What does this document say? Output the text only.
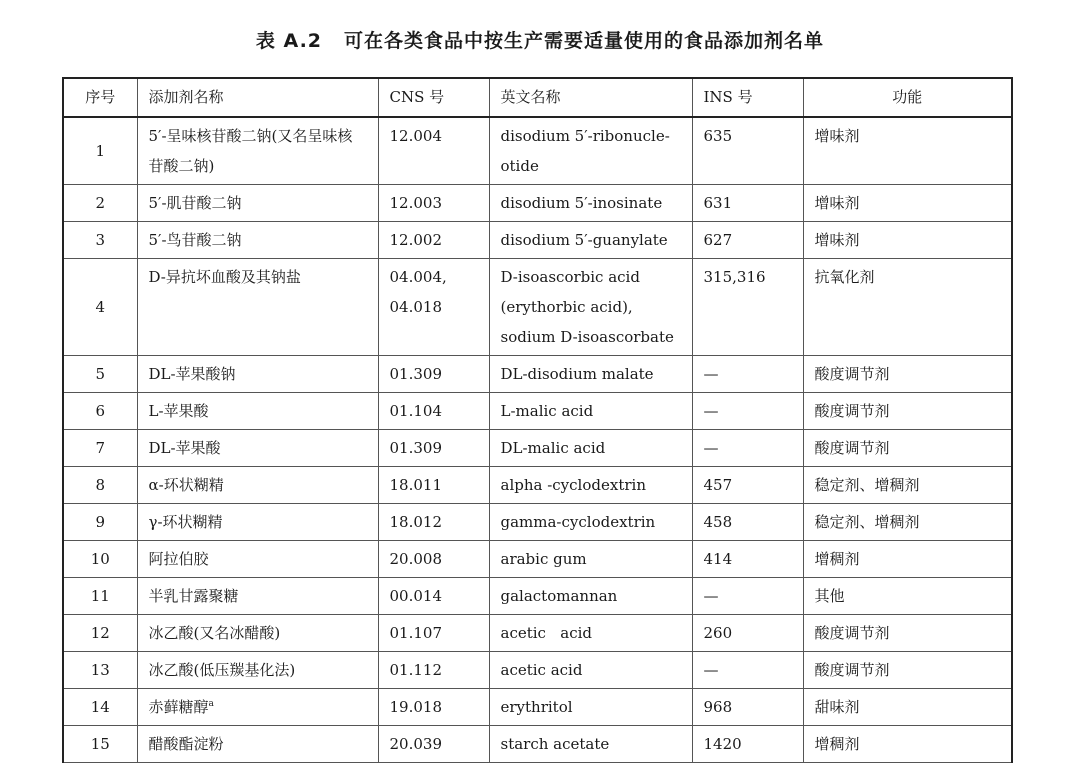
表 A.2 可在各类食品中按生产需要适量使用的食品添加剂名单
序号	添加剂名称	CNS 号	英文名称	INS 号	功能
1	5′-呈味核苷酸二钠(又名呈味核苷酸二钠)	12.004	disodium 5′-ribonucle-otide	635	增味剂
2	5′-肌苷酸二钠	12.003	disodium 5′-inosinate	631	增味剂
3	5′-鸟苷酸二钠	12.002	disodium 5′-guanylate	627	增味剂
4	D-异抗坏血酸及其钠盐	04.004, 04.018	D-isoascorbic acid (erythorbic acid), sodium D-isoascorbate	315,316	抗氧化剂
5	DL-苹果酸钠	01.309	DL-disodium malate	—	酸度调节剂
6	L-苹果酸	01.104	L-malic acid	—	酸度调节剂
7	DL-苹果酸	01.309	DL-malic acid	—	酸度调节剂
8	α-环状糊精	18.011	alpha -cyclodextrin	457	稳定剂、增稠剂
9	γ-环状糊精	18.012	gamma-cyclodextrin	458	稳定剂、增稠剂
10	阿拉伯胶	20.008	arabic gum	414	增稠剂
11	半乳甘露聚糖	00.014	galactomannan	—	其他
12	冰乙酸(又名冰醋酸)	01.107	acetic   acid	260	酸度调节剂
13	冰乙酸(低压羰基化法)	01.112	acetic acid	—	酸度调节剂
14	赤藓糖醇$^a$	19.018	erythritol	968	甜味剂
15	醋酸酯淀粉	20.039	starch acetate	1420	增稠剂
